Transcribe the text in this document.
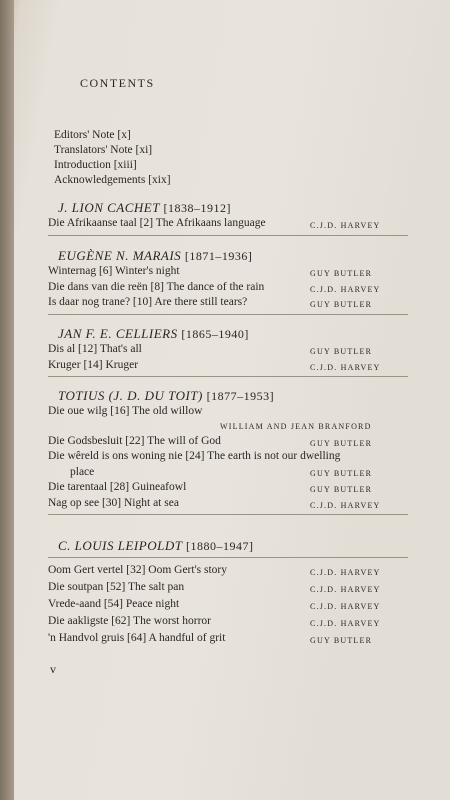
CONTENTS
Editors' Note [x]
Translators' Note [xi]
Introduction [xiii]
Acknowledgements [xix]
J. LION CACHET [1838–1912]
Die Afrikaanse taal [2] The Afrikaans language	C.J.D. HARVEY
EUGÈNE N. MARAIS [1871–1936]
Winternag [6] Winter's night	GUY BUTLER
Die dans van die reën [8] The dance of the rain	C.J.D. HARVEY
Is daar nog trane? [10] Are there still tears?	GUY BUTLER
JAN F. E. CELLIERS [1865–1940]
Dis al [12] That's all	GUY BUTLER
Kruger [14] Kruger	C.J.D. HARVEY
TOTIUS (J. D. DU TOIT) [1877–1953]
Die oue wilg [16] The old willow
WILLIAM AND JEAN BRANFORD
Die Godsbesluit [22] The will of God	GUY BUTLER
Die wêreld is ons woning nie [24] The earth is not our dwelling
place	GUY BUTLER
Die tarentaal [28] Guineafowl	GUY BUTLER
Nag op see [30] Night at sea	C.J.D. HARVEY
C. LOUIS LEIPOLDT [1880–1947]
Oom Gert vertel [32] Oom Gert's story	C.J.D. HARVEY
Die soutpan [52] The salt pan	C.J.D. HARVEY
Vrede-aand [54] Peace night	C.J.D. HARVEY
Die aakligste [62] The worst horror	C.J.D. HARVEY
'n Handvol gruis [64] A handful of grit	GUY BUTLER
v
